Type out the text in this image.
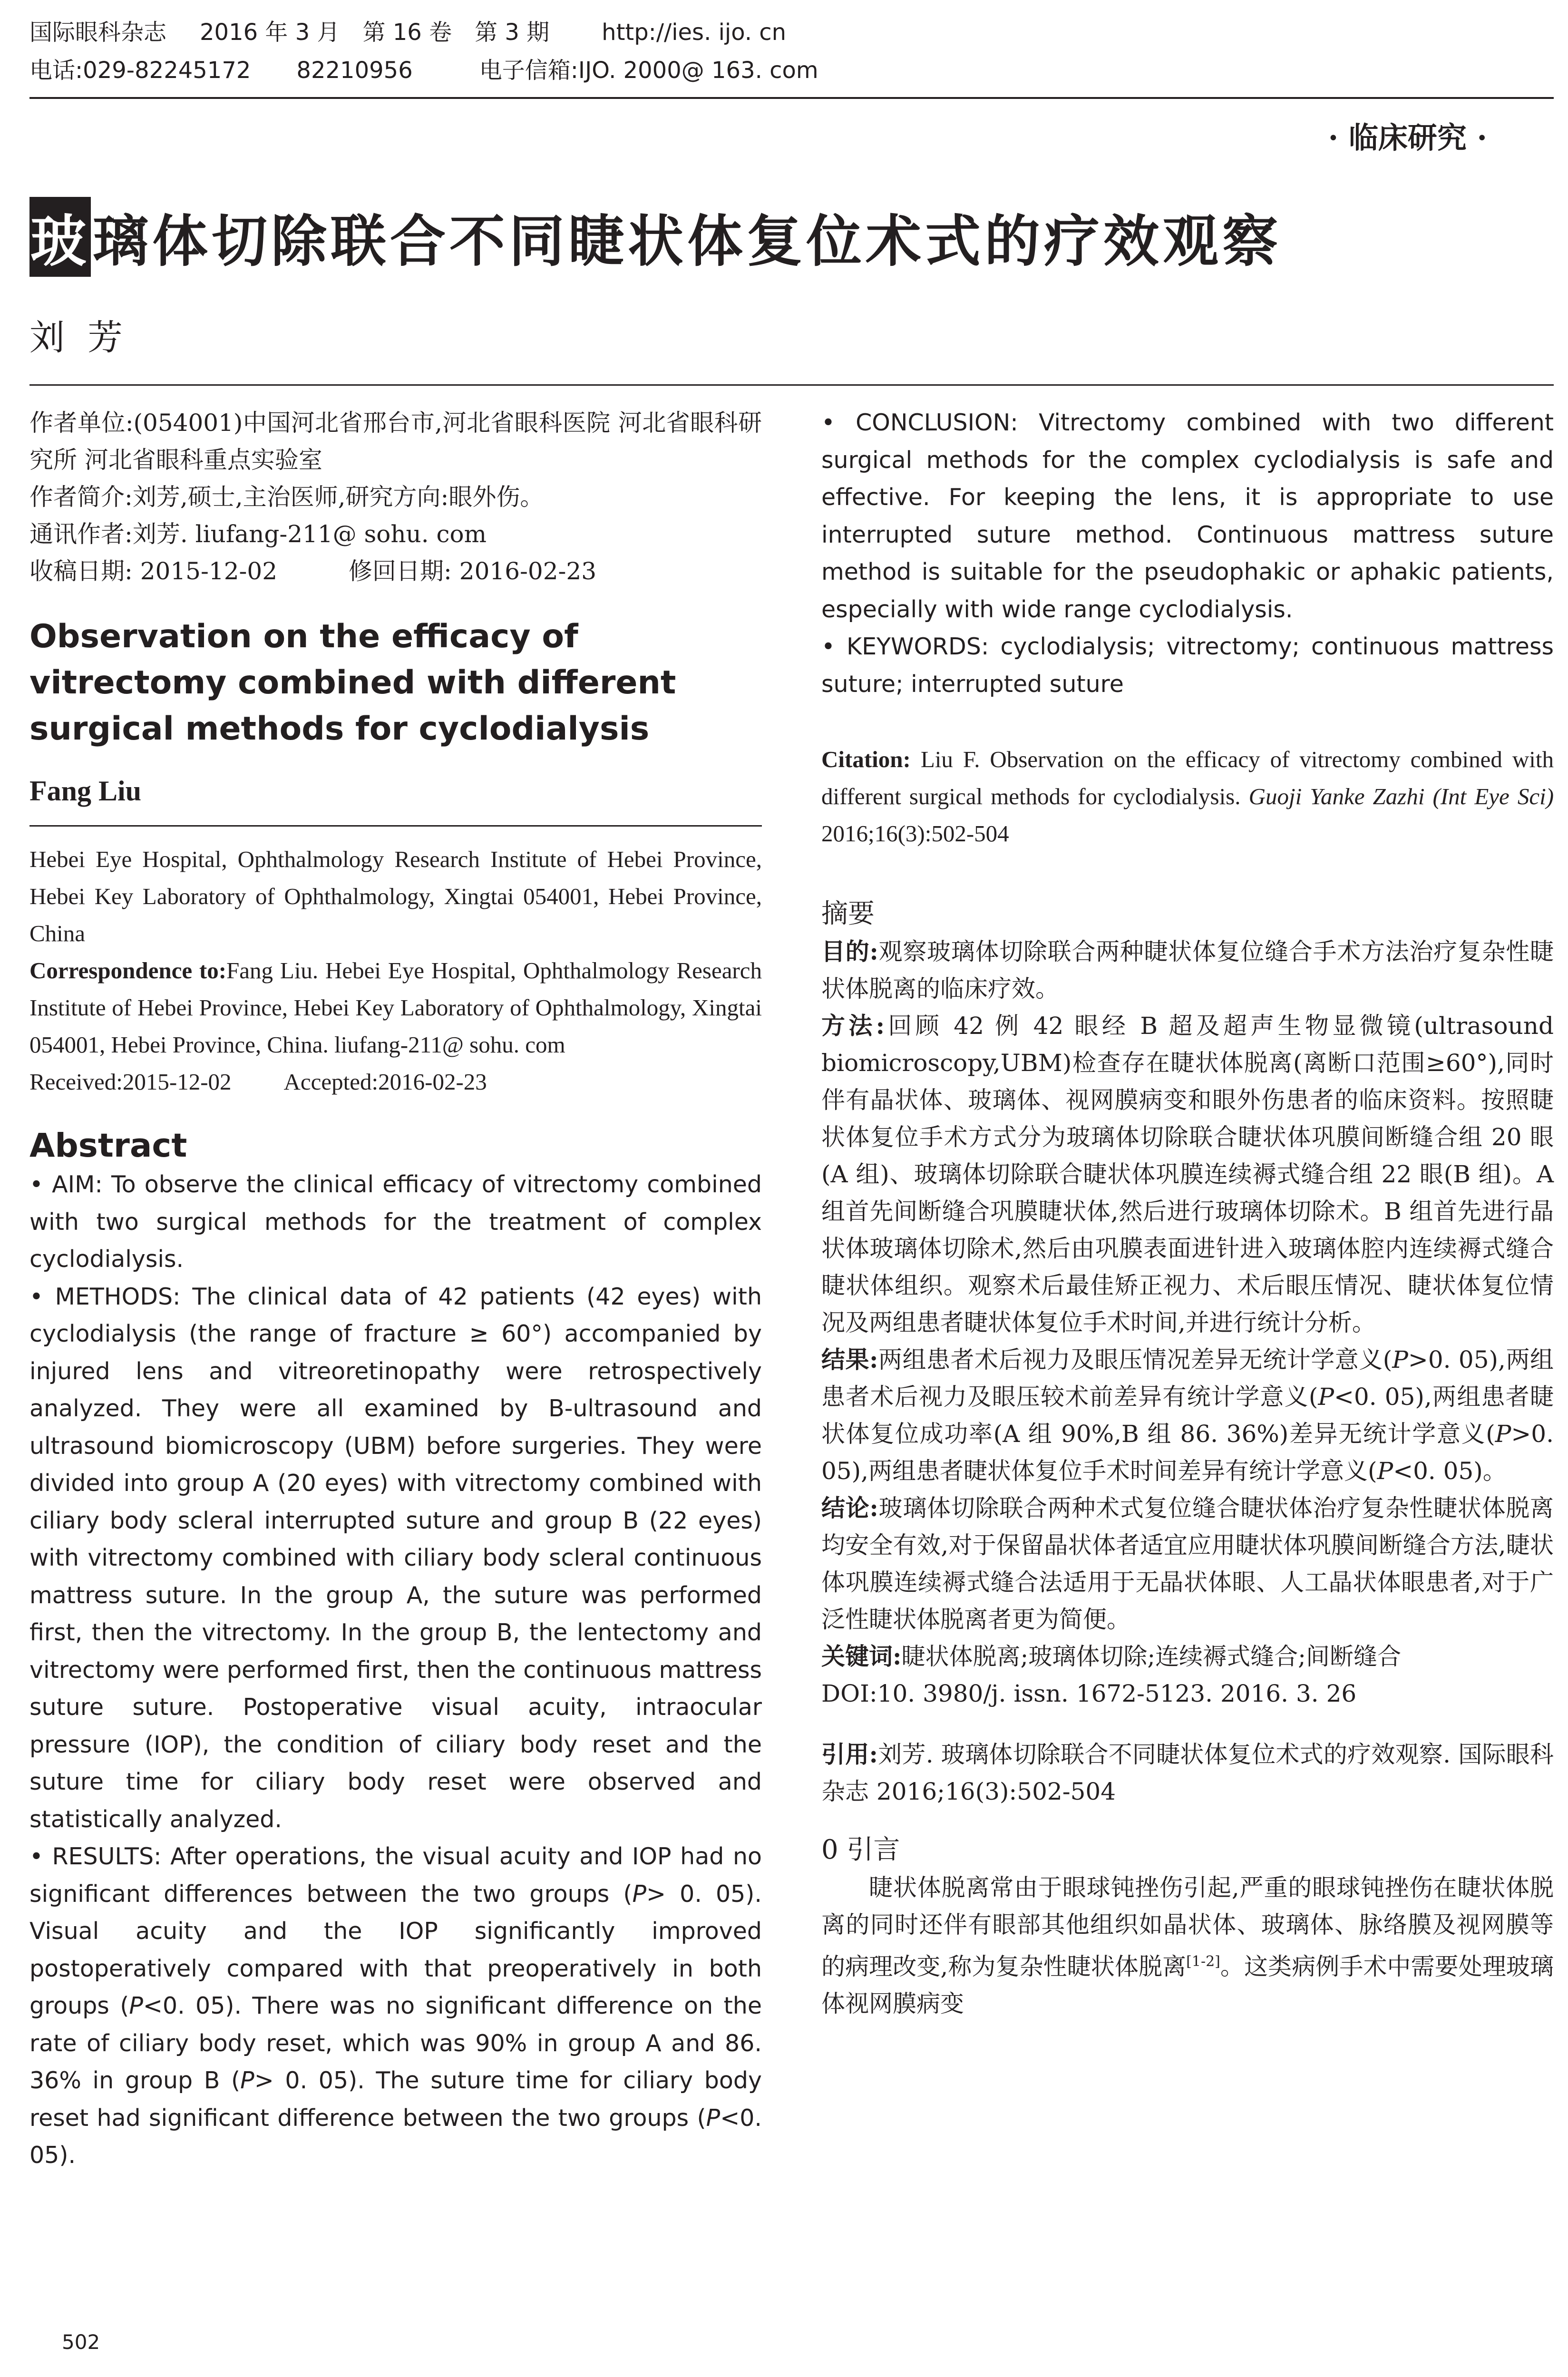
国际眼科杂志 2016 年 3 月　第 16 卷　第 3 期 http://ies. ijo. cn
电话:029-82245172　　82210956	电子信箱:IJO. 2000@ 163. com
· 临床研究 ·
玻 璃体切除联合不同睫状体复位术式的疗效观察
刘芳

作者单位:(054001)中国河北省邢台市,河北省眼科医院 河北省眼科研究所 河北省眼科重点实验室

作者简介:刘芳,硕士,主治医师,研究方向:眼外伤。

通讯作者:刘芳. liufang-211@ sohu. com

收稿日期: 2015-12-02	修回日期: 2016-02-23

Observation on the efficacy of vitrectomy combined with different surgical methods for cyclodialysis

Fang Liu

Hebei Eye Hospital, Ophthalmology Research Institute of Hebei Province, Hebei Key Laboratory of Ophthalmology, Xingtai 054001, Hebei Province, China

Correspondence to:Fang Liu. Hebei Eye Hospital, Ophthalmology Research Institute of Hebei Province, Hebei Key Laboratory of Ophthalmology, Xingtai 054001, Hebei Province, China. liufang-211@ sohu. com

Received:2015-12-02 Accepted:2016-02-23

Abstract

• AIM: To observe the clinical efficacy of vitrectomy combined with two surgical methods for the treatment of complex cyclodialysis.

• METHODS: The clinical data of 42 patients (42 eyes) with cyclodialysis (the range of fracture ≥ 60°) accompanied by injured lens and vitreoretinopathy were retrospectively analyzed. They were all examined by B-ultrasound and ultrasound biomicroscopy (UBM) before surgeries. They were divided into group A (20 eyes) with vitrectomy combined with ciliary body scleral interrupted suture and group B (22 eyes) with vitrectomy combined with ciliary body scleral continuous mattress suture. In the group A, the suture was performed first, then the vitrectomy. In the group B, the lentectomy and vitrectomy were performed first, then the continuous mattress suture suture. Postoperative visual acuity, intraocular pressure (IOP), the condition of ciliary body reset and the suture time for ciliary body reset were observed and statistically analyzed.

• RESULTS: After operations, the visual acuity and IOP had no significant differences between the two groups (P> 0. 05). Visual acuity and the IOP significantly improved postoperatively compared with that preoperatively in both groups (P<0. 05). There was no significant difference on the rate of ciliary body reset, which was 90% in group A and 86. 36% in group B (P> 0. 05). The suture time for ciliary body reset had significant difference between the two groups (P<0. 05).

• CONCLUSION: Vitrectomy combined with two different surgical methods for the complex cyclodialysis is safe and effective. For keeping the lens, it is appropriate to use interrupted suture method. Continuous mattress suture method is suitable for the pseudophakic or aphakic patients, especially with wide range cyclodialysis.

• KEYWORDS: cyclodialysis; vitrectomy; continuous mattress suture; interrupted suture

Citation: Liu F. Observation on the efficacy of vitrectomy combined with different surgical methods for cyclodialysis. Guoji Yanke Zazhi (Int Eye Sci) 2016;16(3):502-504

摘要

目的:观察玻璃体切除联合两种睫状体复位缝合手术方法治疗复杂性睫状体脱离的临床疗效。

方法:回顾 42 例 42 眼经 B 超及超声生物显微镜(ultrasound biomicroscopy,UBM)检查存在睫状体脱离(离断口范围≥60°),同时伴有晶状体、玻璃体、视网膜病变和眼外伤患者的临床资料。按照睫状体复位手术方式分为玻璃体切除联合睫状体巩膜间断缝合组 20 眼(A 组)、玻璃体切除联合睫状体巩膜连续褥式缝合组 22 眼(B 组)。A 组首先间断缝合巩膜睫状体,然后进行玻璃体切除术。B 组首先进行晶状体玻璃体切除术,然后由巩膜表面进针进入玻璃体腔内连续褥式缝合睫状体组织。观察术后最佳矫正视力、术后眼压情况、睫状体复位情况及两组患者睫状体复位手术时间,并进行统计分析。

结果:两组患者术后视力及眼压情况差异无统计学意义(P>0. 05),两组患者术后视力及眼压较术前差异有统计学意义(P<0. 05),两组患者睫状体复位成功率(A 组 90%,B 组 86. 36%)差异无统计学意义(P>0. 05),两组患者睫状体复位手术时间差异有统计学意义(P<0. 05)。

结论:玻璃体切除联合两种术式复位缝合睫状体治疗复杂性睫状体脱离均安全有效,对于保留晶状体者适宜应用睫状体巩膜间断缝合方法,睫状体巩膜连续褥式缝合法适用于无晶状体眼、人工晶状体眼患者,对于广泛性睫状体脱离者更为简便。

关键词:睫状体脱离;玻璃体切除;连续褥式缝合;间断缝合

DOI:10. 3980/j. issn. 1672-5123. 2016. 3. 26

引用:刘芳. 玻璃体切除联合不同睫状体复位术式的疗效观察. 国际眼科杂志 2016;16(3):502-504

0 引言

睫状体脱离常由于眼球钝挫伤引起,严重的眼球钝挫伤在睫状体脱离的同时还伴有眼部其他组织如晶状体、玻璃体、脉络膜及视网膜等的病理改变,称为复杂性睫状体脱离[1-2]。这类病例手术中需要处理玻璃体视网膜病变

502
